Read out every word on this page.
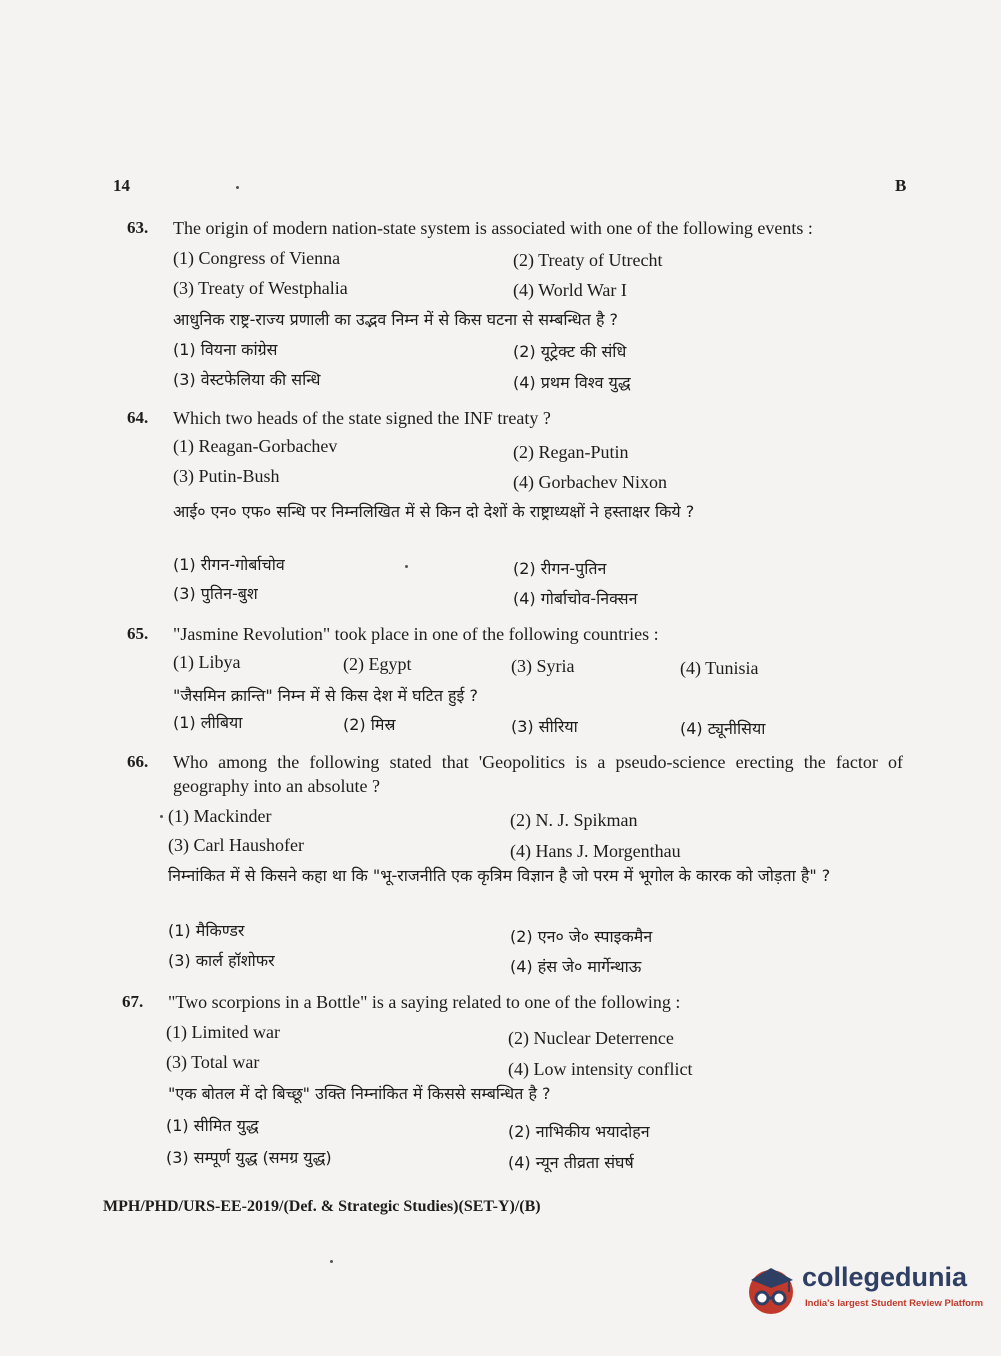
14	B
63. The origin of modern nation-state system is associated with one of the following events :
(1) Congress of Vienna	(2) Treaty of Utrecht
(3) Treaty of Westphalia	(4) World War I
आधुनिक राष्ट्र-राज्य प्रणाली का उद्भव निम्न में से किस घटना से सम्बन्धित है ?
(1) वियना कांग्रेस	(2) यूट्रेक्ट की संधि
(3) वेस्टफेलिया की सन्धि	(4) प्रथम विश्व युद्ध
64. Which two heads of the state signed the INF treaty ?
(1) Reagan-Gorbachev	(2) Regan-Putin
(3) Putin-Bush	(4) Gorbachev Nixon
आई० एन० एफ० सन्धि पर निम्नलिखित में से किन दो देशों के राष्ट्राध्यक्षों ने हस्ताक्षर किये ?
(1) रीगन-गोर्बाचोव	(2) रीगन-पुतिन
(3) पुतिन-बुश	(4) गोर्बाचोव-निक्सन
65. "Jasmine Revolution" took place in one of the following countries :
(1) Libya	(2) Egypt	(3) Syria	(4) Tunisia
"जैसमिन क्रान्ति" निम्न में से किस देश में घटित हुई ?
(1) लीबिया	(2) मिस्र	(3) सीरिया	(4) ट्यूनीसिया
66. Who among the following stated that 'Geopolitics is a pseudo-science erecting the factor of geography into an absolute ?
(1) Mackinder	(2) N. J. Spikman
(3) Carl Haushofer	(4) Hans J. Morgenthau
निम्नांकित में से किसने कहा था कि "भू-राजनीति एक कृत्रिम विज्ञान है जो परम में भूगोल के कारक को जोड़ता है" ?
(1) मैकिण्डर	(2) एन० जे० स्पाइकमैन
(3) कार्ल हॉशोफर	(4) हंस जे० मार्गेन्थाऊ
67. "Two scorpions in a Bottle" is a saying related to one of the following :
(1) Limited war	(2) Nuclear Deterrence
(3) Total war	(4) Low intensity conflict
"एक बोतल में दो बिच्छू" उक्ति निम्नांकित में किससे सम्बन्धित है ?
(1) सीमित युद्ध	(2) नाभिकीय भयादोहन
(3) सम्पूर्ण युद्ध (समग्र युद्ध)	(4) न्यून तीव्रता संघर्ष
MPH/PHD/URS-EE-2019/(Def. & Strategic Studies)(SET-Y)/(B)
collegedunia
India's largest Student Review Platform
